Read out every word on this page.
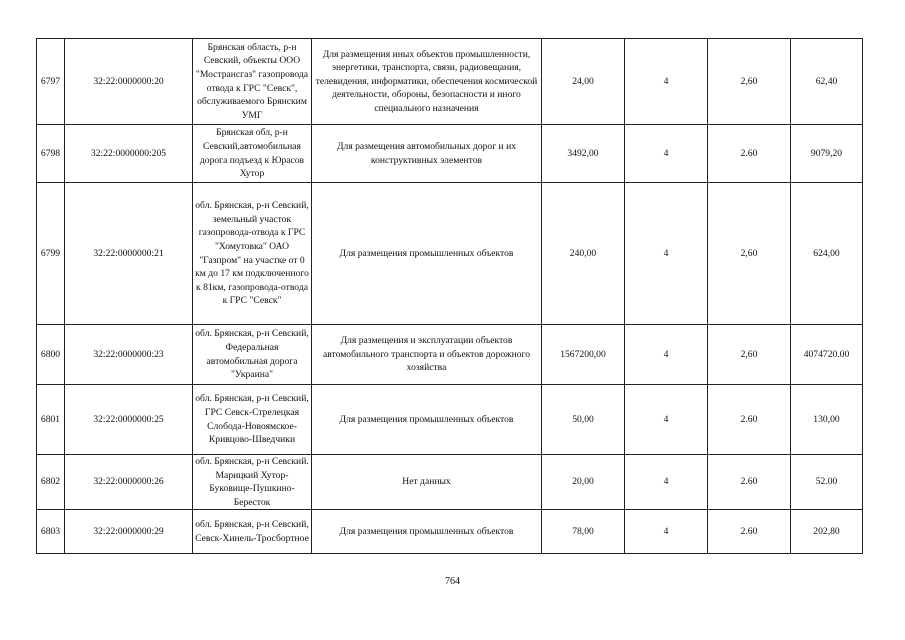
6797	32:22:0000000:20	Брянская область, р-н Севский, объекты ООО "Мострансгаз" газопровода отвода к ГРС "Севск", обслуживаемого Брянским УМГ	Для размещения иных объектов промышленности, энергетики, транспорта, связи, радиовещания, телевидения, информатики, обеспечения космической деятельности, обороны, безопасности и иного специального назначения	24,00	4	2,60	62,40
6798	32:22:0000000:205	Брянская обл, р-н Севский,автомобильная дорога подъезд к Юрасов Хутор	Для размещения автомобильных дорог и их конструктивных элементов	3492,00	4	2.60	9079,20
6799	32:22:0000000:21	обл. Брянская, р-н Севский, земельный участок газопровода-отвода к ГРС "Хомутовка" ОАО "Газпром" на участке от 0 км до 17 км подключенного к 81км, газопровода-отвода к ГРС "Севск"	Для размещения промышленных объектов	240,00	4	2,60	624,00
6800	32:22:0000000:23	обл. Брянская, р-н Севский, Федеральная автомобильная дорога "Украина"	Для размещения и эксплуатации объектов автомобильного транспорта и объектов дорожного хозяйства	1567200,00	4	2,60	4074720.00
6801	32:22:0000000:25	обл. Брянская, р-н Севский, ГРС Севск-Стрелецкая Слобода-Новоямское-Кривцово-Шведчики	Для размещения промышленных объектов	50,00	4	2.60	130,00
6802	32:22:0000000:26	обл. Брянская, р-н Севский. Марицкий Хутор-Буковище-Пушкино-Береcток	Нет данных	20,00	4	2.60	52.00
6803	32:22:0000000:29	обл. Брянская, р-н Севский, Севск-Хинель-Тросбортное	Для размещения промышленных объектов	78,00	4	2.60	202,80
764
